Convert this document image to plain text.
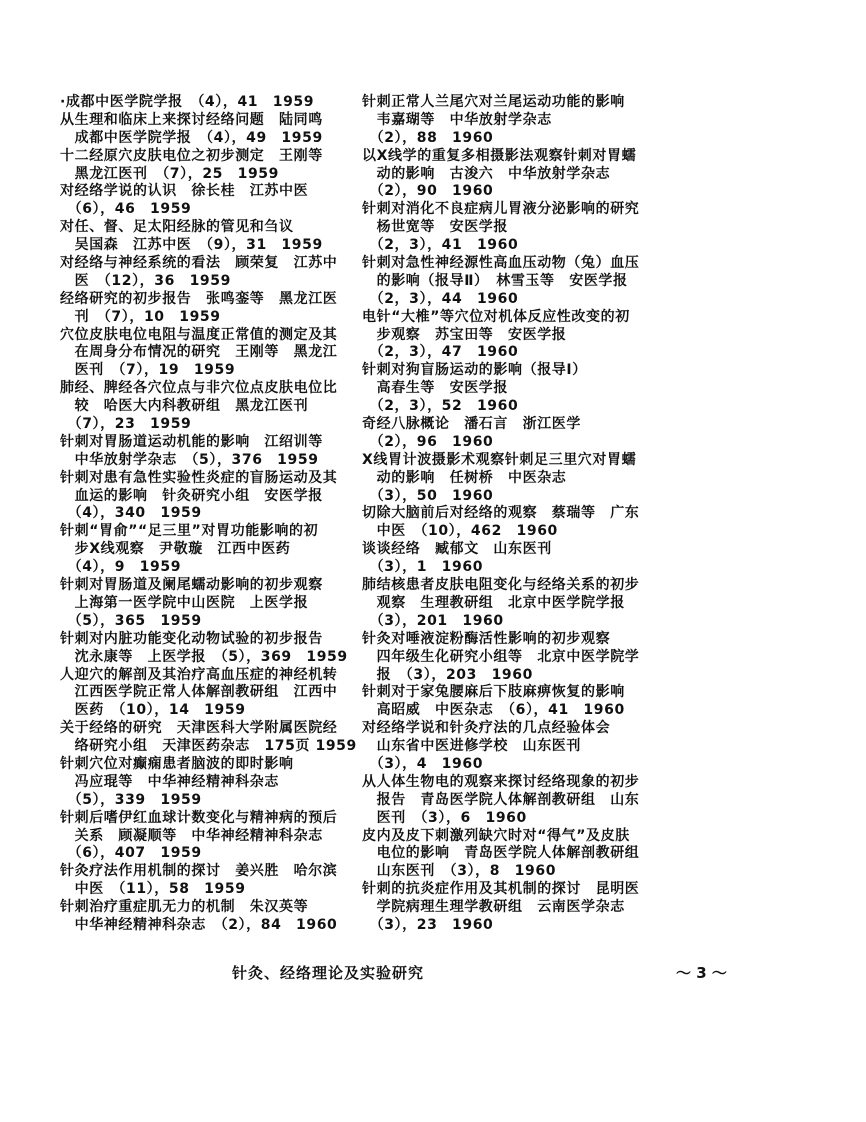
·成都中医学院学报　（4），41　1959
从生理和临床上来探讨经络问题　陆同鸣
　成都中医学院学报　（4），49　1959
十二经原穴皮肤电位之初步测定　王刚等
　黑龙江医刊　（7），25　1959
对经络学说的认识　徐长桂　江苏中医
　（6），46　1959
对任、督、足太阳经脉的管见和刍议
　吴国森　江苏中医　（9），31　1959
对经络与神经系统的看法　顾荣复　江苏中
　医　（12），36　1959
经络研究的初步报告　张鸣銮等　黑龙江医
　刊　（7），10　1959
穴位皮肤电位电阻与温度正常值的测定及其
　在周身分布情况的研究　王刚等　黑龙江
　医刊　（7），19　1959
肺经、脾经各穴位点与非穴位点皮肤电位比
　较　哈医大内科教研组　黑龙江医刊
　（7），23　1959
针刺对胃肠道运动机能的影响　江绍训等
　中华放射学杂志　（5），376　1959
针刺对患有急性实验性炎症的盲肠运动及其
　血运的影响　针灸研究小组　安医学报
　（4），340　1959
针刺“胃俞”“足三里”对胃功能影响的初
　步X线观察　尹敬璇　江西中医药
　（4），9　1959
针刺对胃肠道及阑尾蠕动影响的初步观察
　上海第一医学院中山医院　上医学报
　（5），365　1959
针刺对内脏功能变化动物试验的初步报告
　沈永康等　上医学报　（5），369　1959
人迎穴的解剖及其治疗高血压症的神经机转
　江西医学院正常人体解剖教研组　江西中
　医药　（10），14　1959
关于经络的研究　天津医科大学附属医院经
　络研究小组　天津医药杂志　175页 1959
针刺穴位对癫痫患者脑波的即时影响
　冯应琨等　中华神经精神科杂志
　（5），339　1959
针刺后嗜伊红血球计数变化与精神病的预后
　关系　顾凝顺等　中华神经精神科杂志
　（6），407　1959
针灸疗法作用机制的探讨　姜兴胜　哈尔滨
　中医　（11），58　1959
针刺治疗重症肌无力的机制　朱汉英等
　中华神经精神科杂志　（2），84　1960
针刺正常人兰尾穴对兰尾运动功能的影响
　韦嘉瑚等　中华放射学杂志
　（2），88　1960
以X线学的重复多相摄影法观察针刺对胃蠕
　动的影响　古浚六　中华放射学杂志
　（2），90　1960
针刺对消化不良症病儿胃液分泌影响的研究
　杨世宽等　安医学报
　（2，3），41　1960
针刺对急性神经源性高血压动物（兔）血压
　的影响（报导Ⅱ）　林雪玉等　安医学报
　（2，3），44　1960
电针“大椎”等穴位对机体反应性改变的初
　步观察　苏宝田等　安医学报
　（2，3），47　1960
针刺对狗盲肠运动的影响（报导Ⅰ）
　高春生等　安医学报
　（2，3），52　1960
奇经八脉概论　潘石言　浙江医学
　（2），96　1960
X线胃计波摄影术观察针刺足三里穴对胃蠕
　动的影响　任树桥　中医杂志
　（3），50　1960
切除大脑前后对经络的观察　蔡瑞等　广东
　中医　（10），462　1960
谈谈经络　臧郁文　山东医刊
　（3），1　1960
肺结核患者皮肤电阻变化与经络关系的初步
　观察　生理教研组　北京中医学院学报
　（3），201　1960
针灸对唾液淀粉酶活性影响的初步观察
　四年级生化研究小组等　北京中医学院学
　报　（3），203　1960
针刺对于家兔腰麻后下肢麻痹恢复的影响
　高昭威　中医杂志　（6），41　1960
对经络学说和针灸疗法的几点经验体会
　山东省中医进修学校　山东医刊
　（3），4　1960
从人体生物电的观察来探讨经络现象的初步
　报告　青岛医学院人体解剖教研组　山东
　医刊　（3），6　1960
皮内及皮下刺激列缺穴时对“得气”及皮肤
　电位的影响　青岛医学院人体解剖教研组
　山东医刊　（3），8　1960
针刺的抗炎症作用及其机制的探讨　昆明医
　学院病理生理学教研组　云南医学杂志
　（3），23　1960
针灸、经络理论及实验研究	～ 3 ～
